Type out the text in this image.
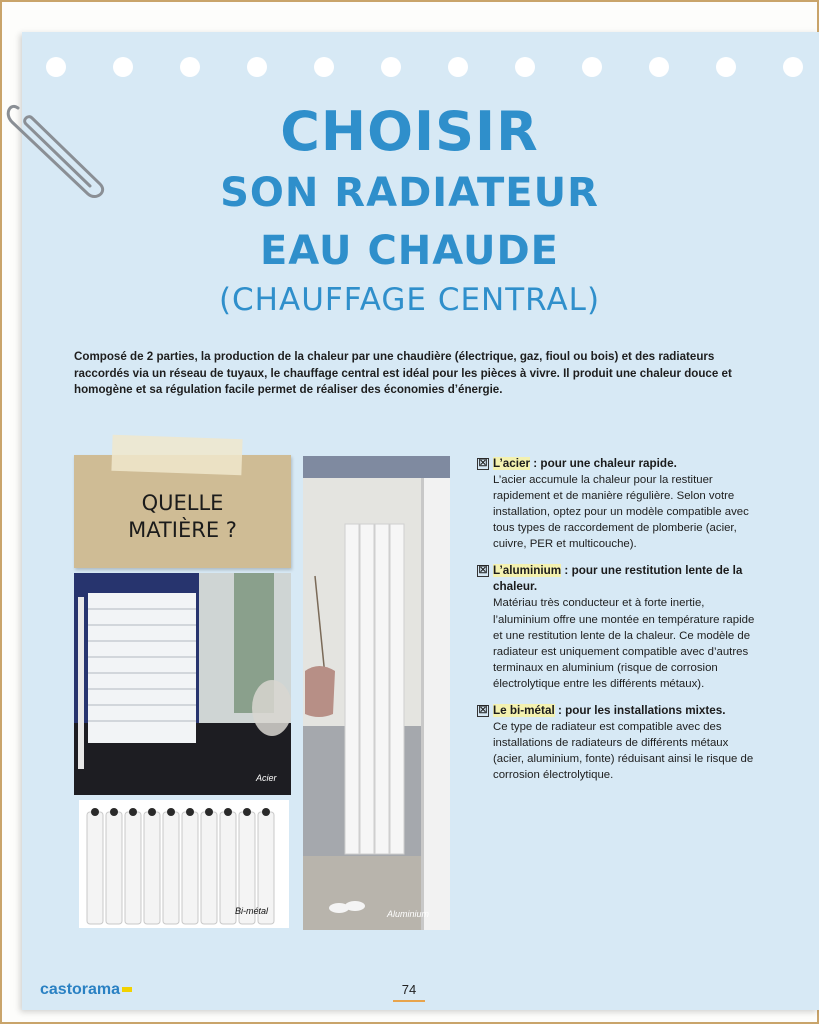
CHOISIR
SON RADIATEUR
EAU CHAUDE
(CHAUFFAGE CENTRAL)
Composé de 2 parties, la production de la chaleur par une chaudière (électrique, gaz, fioul ou bois) et des radiateurs raccordés via un réseau de tuyaux, le chauffage central est idéal pour les pièces à vivre. Il produit une chaleur douce et homogène et sa régulation facile permet de réaliser des économies d’énergie.
QUELLE
MATIÈRE ?
Acier
Bi-métal	Aluminium
☒ L’acier : pour une chaleur rapide.
L’acier accumule la chaleur pour la restituer rapidement et de manière régulière. Selon votre installation, optez pour un modèle compatible avec tous types de raccordement de plomberie (acier, cuivre, PER et multicouche).
☒ L’aluminium : pour une restitution lente de la chaleur.
Matériau très conducteur et à forte inertie, l’aluminium offre une montée en température rapide et une restitution lente de la chaleur. Ce modèle de radiateur est uniquement compatible avec d’autres terminaux en aluminium (risque de corrosion électrolytique entre les différents métaux).
☒ Le bi-métal : pour les installations mixtes.
Ce type de radiateur est compatible avec des installations de radiateurs de différents métaux (acier, aluminium, fonte) réduisant ainsi le risque de corrosion électrolytique.
castorama	74
